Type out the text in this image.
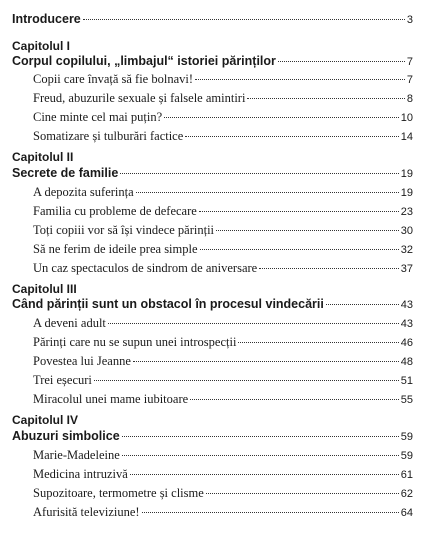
Introducere	3
Capitolul I
Corpul copilului, „limbajul“ istoriei părinților	7
Copii care învață să fie bolnavi!	7
Freud, abuzurile sexuale și falsele amintiri	8
Cine minte cel mai puțin?	10
Somatizare și tulburări factice	14
Capitolul II
Secrete de familie	19
A depozita suferința	19
Familia cu probleme de defecare	23
Toți copiii vor să își vindece părinții	30
Să ne ferim de ideile prea simple	32
Un caz spectaculos de sindrom de aniversare	37
Capitolul III
Când părinții sunt un obstacol în procesul vindecării	43
A deveni adult	43
Părinți care nu se supun unei introspecții	46
Povestea lui Jeanne	48
Trei eșecuri	51
Miracolul unei mame iubitoare	55
Capitolul IV
Abuzuri simbolice	59
Marie-Madeleine	59
Medicina intruzivă	61
Supozitoare, termometre și clisme	62
Afurisită televiziune!	64
